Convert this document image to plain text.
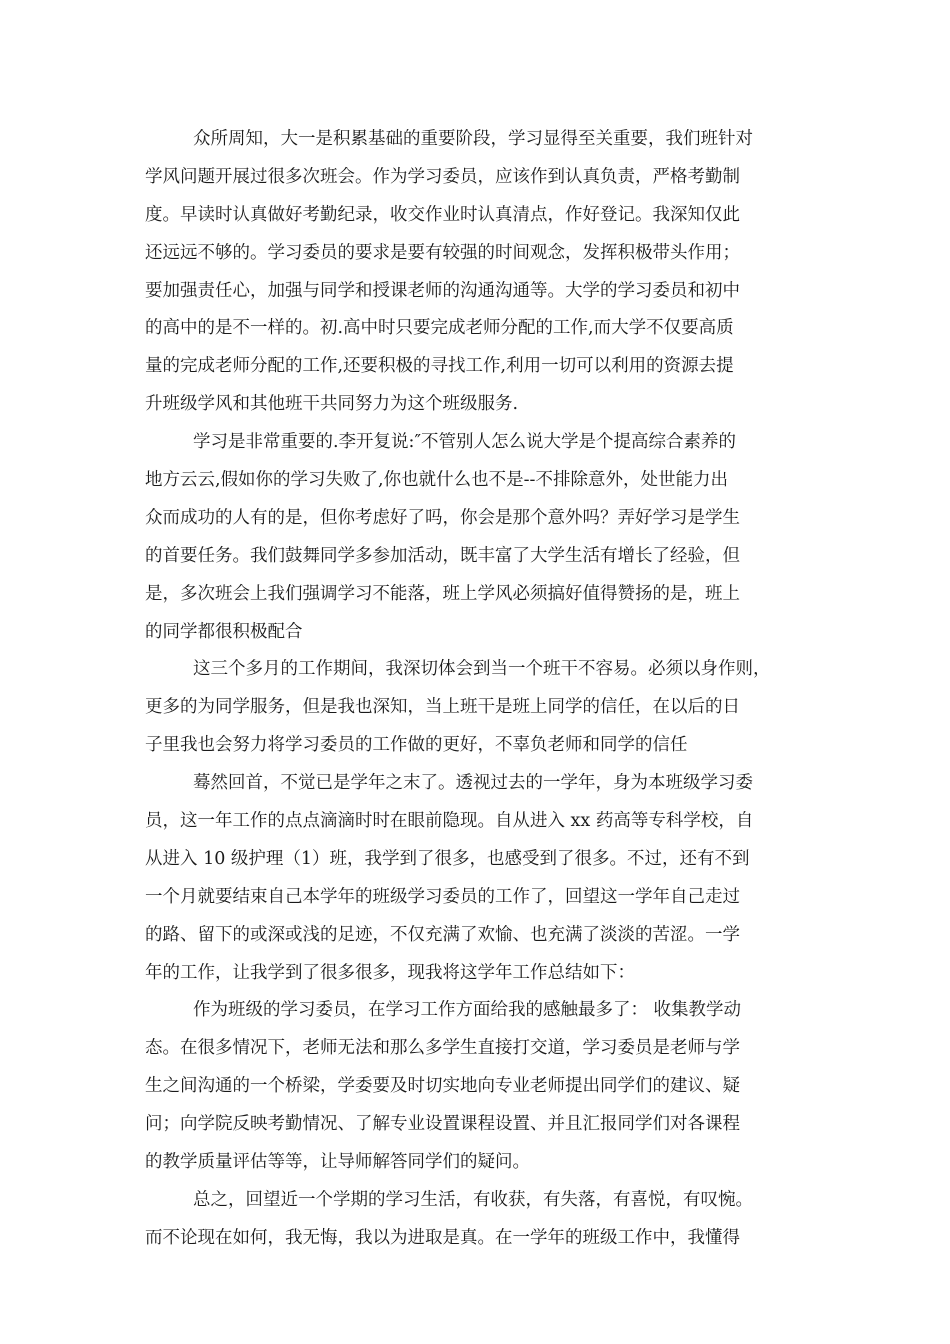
众所周知，大一是积累基础的重要阶段，学习显得至关重要，我们班针对
学风问题开展过很多次班会。作为学习委员，应该作到认真负责，严格考勤制
度。早读时认真做好考勤纪录，收交作业时认真清点，作好登记。我深知仅此
还远远不够的。学习委员的要求是要有较强的时间观念，发挥积极带头作用；
要加强责任心，加强与同学和授课老师的沟通沟通等。大学的学习委员和初中
的高中的是不一样的。初.高中时只要完成老师分配的工作,而大学不仅要高质
量的完成老师分配的工作,还要积极的寻找工作,利用一切可以利用的资源去提
升班级学风和其他班干共同努力为这个班级服务.
学习是非常重要的.李开复说:″不管别人怎么说大学是个提高综合素养的
地方云云,假如你的学习失败了,你也就什么也不是--不排除意外，处世能力出
众而成功的人有的是，但你考虑好了吗，你会是那个意外吗？弄好学习是学生
的首要任务。我们鼓舞同学多参加活动，既丰富了大学生活有增长了经验，但
是，多次班会上我们强调学习不能落，班上学风必须搞好值得赞扬的是，班上
的同学都很积极配合
这三个多月的工作期间，我深切体会到当一个班干不容易。必须以身作则，
更多的为同学服务，但是我也深知，当上班干是班上同学的信任，在以后的日
子里我也会努力将学习委员的工作做的更好，不辜负老师和同学的信任
蓦然回首，不觉已是学年之末了。透视过去的一学年，身为本班级学习委
员，这一年工作的点点滴滴时时在眼前隐现。自从进入 xx 药高等专科学校，自
从进入 10 级护理（1）班，我学到了很多，也感受到了很多。不过，还有不到
一个月就要结束自己本学年的班级学习委员的工作了，回望这一学年自己走过
的路、留下的或深或浅的足迹，不仅充满了欢愉、也充满了淡淡的苦涩。一学
年的工作，让我学到了很多很多，现我将这学年工作总结如下：
作为班级的学习委员，在学习工作方面给我的感触最多了： 收集教学动
态。在很多情况下，老师无法和那么多学生直接打交道，学习委员是老师与学
生之间沟通的一个桥梁，学委要及时切实地向专业老师提出同学们的建议、疑
问；向学院反映考勤情况、了解专业设置课程设置、并且汇报同学们对各课程
的教学质量评估等等，让导师解答同学们的疑问。
总之，回望近一个学期的学习生活，有收获，有失落，有喜悦，有叹惋。
而不论现在如何，我无悔，我以为进取是真。在一学年的班级工作中，我懂得
